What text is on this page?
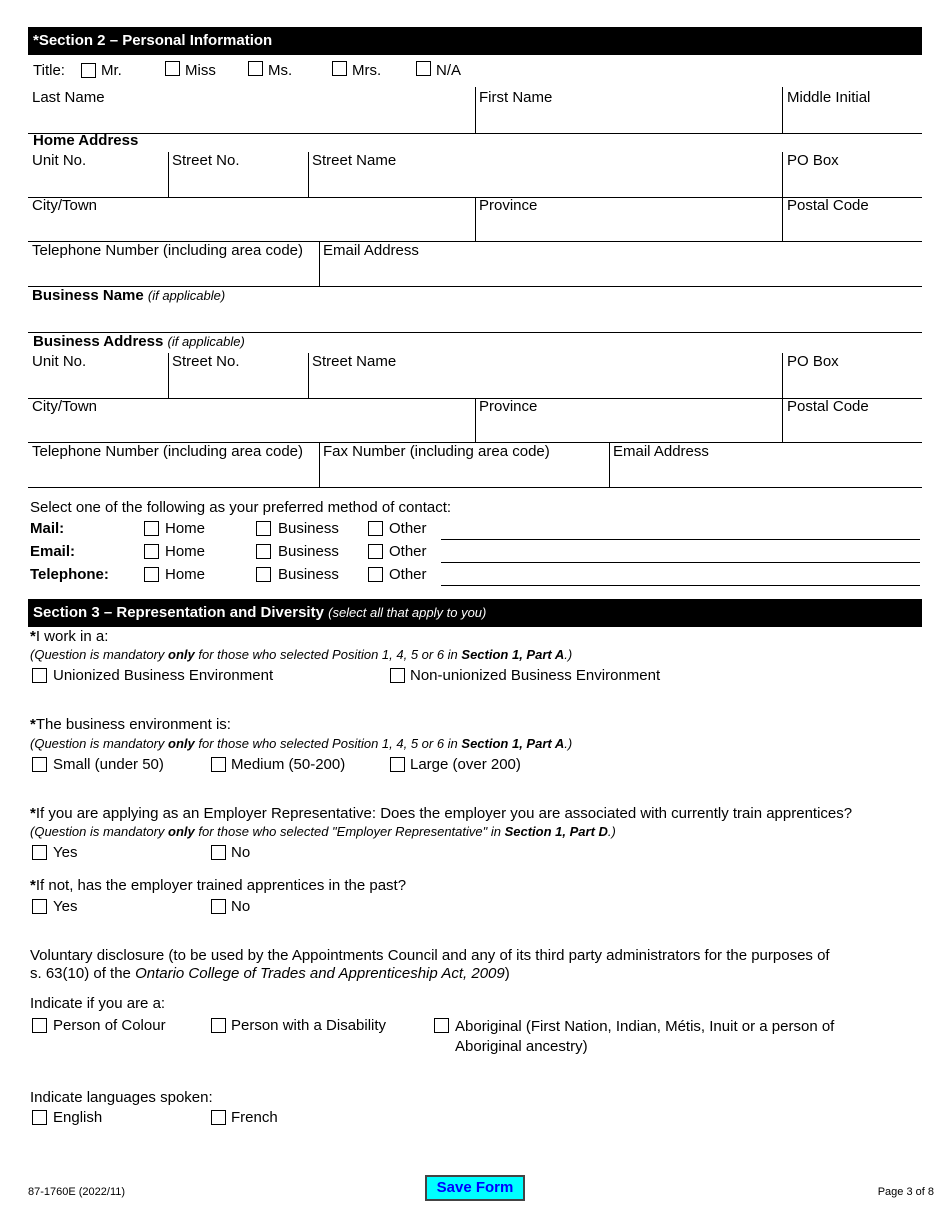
*Section 2 – Personal Information
Title: Mr.	Miss	Ms.	Mrs.	N/A
Last Name	First Name	Middle Initial
Home Address
Unit No.	Street No.	Street Name	PO Box
City/Town	Province	Postal Code
Telephone Number (including area code)	Email Address
Business Name (if applicable)
Business Address (if applicable)
Unit No.	Street No.	Street Name	PO Box
City/Town	Province	Postal Code
Telephone Number (including area code)	Fax Number (including area code)	Email Address
Select one of the following as your preferred method of contact:
Mail:	Home	Business	Other
Email:	Home	Business	Other
Telephone:	Home	Business	Other
Section 3 – Representation and Diversity (select all that apply to you)
*I work in a:
(Question is mandatory only for those who selected Position 1, 4, 5 or 6 in Section 1, Part A.)
Unionized Business Environment	Non-unionized Business Environment
*The business environment is:
(Question is mandatory only for those who selected Position 1, 4, 5 or 6 in Section 1, Part A.)
Small (under 50)	Medium (50-200)	Large (over 200)
*If you are applying as an Employer Representative: Does the employer you are associated with currently train apprentices?
(Question is mandatory only for those who selected "Employer Representative" in Section 1, Part D.)
Yes	No
*If not, has the employer trained apprentices in the past?
Yes	No
Voluntary disclosure (to be used by the Appointments Council and any of its third party administrators for the purposes of
s. 63(10) of the Ontario College of Trades and Apprenticeship Act, 2009)
Indicate if you are a:
Person of Colour	Person with a Disability	Aboriginal (First Nation, Indian, Métis, Inuit or a person of
Aboriginal ancestry)
Indicate languages spoken:
English	French
87-1760E (2022/11)	Save Form	Page 3 of 8
